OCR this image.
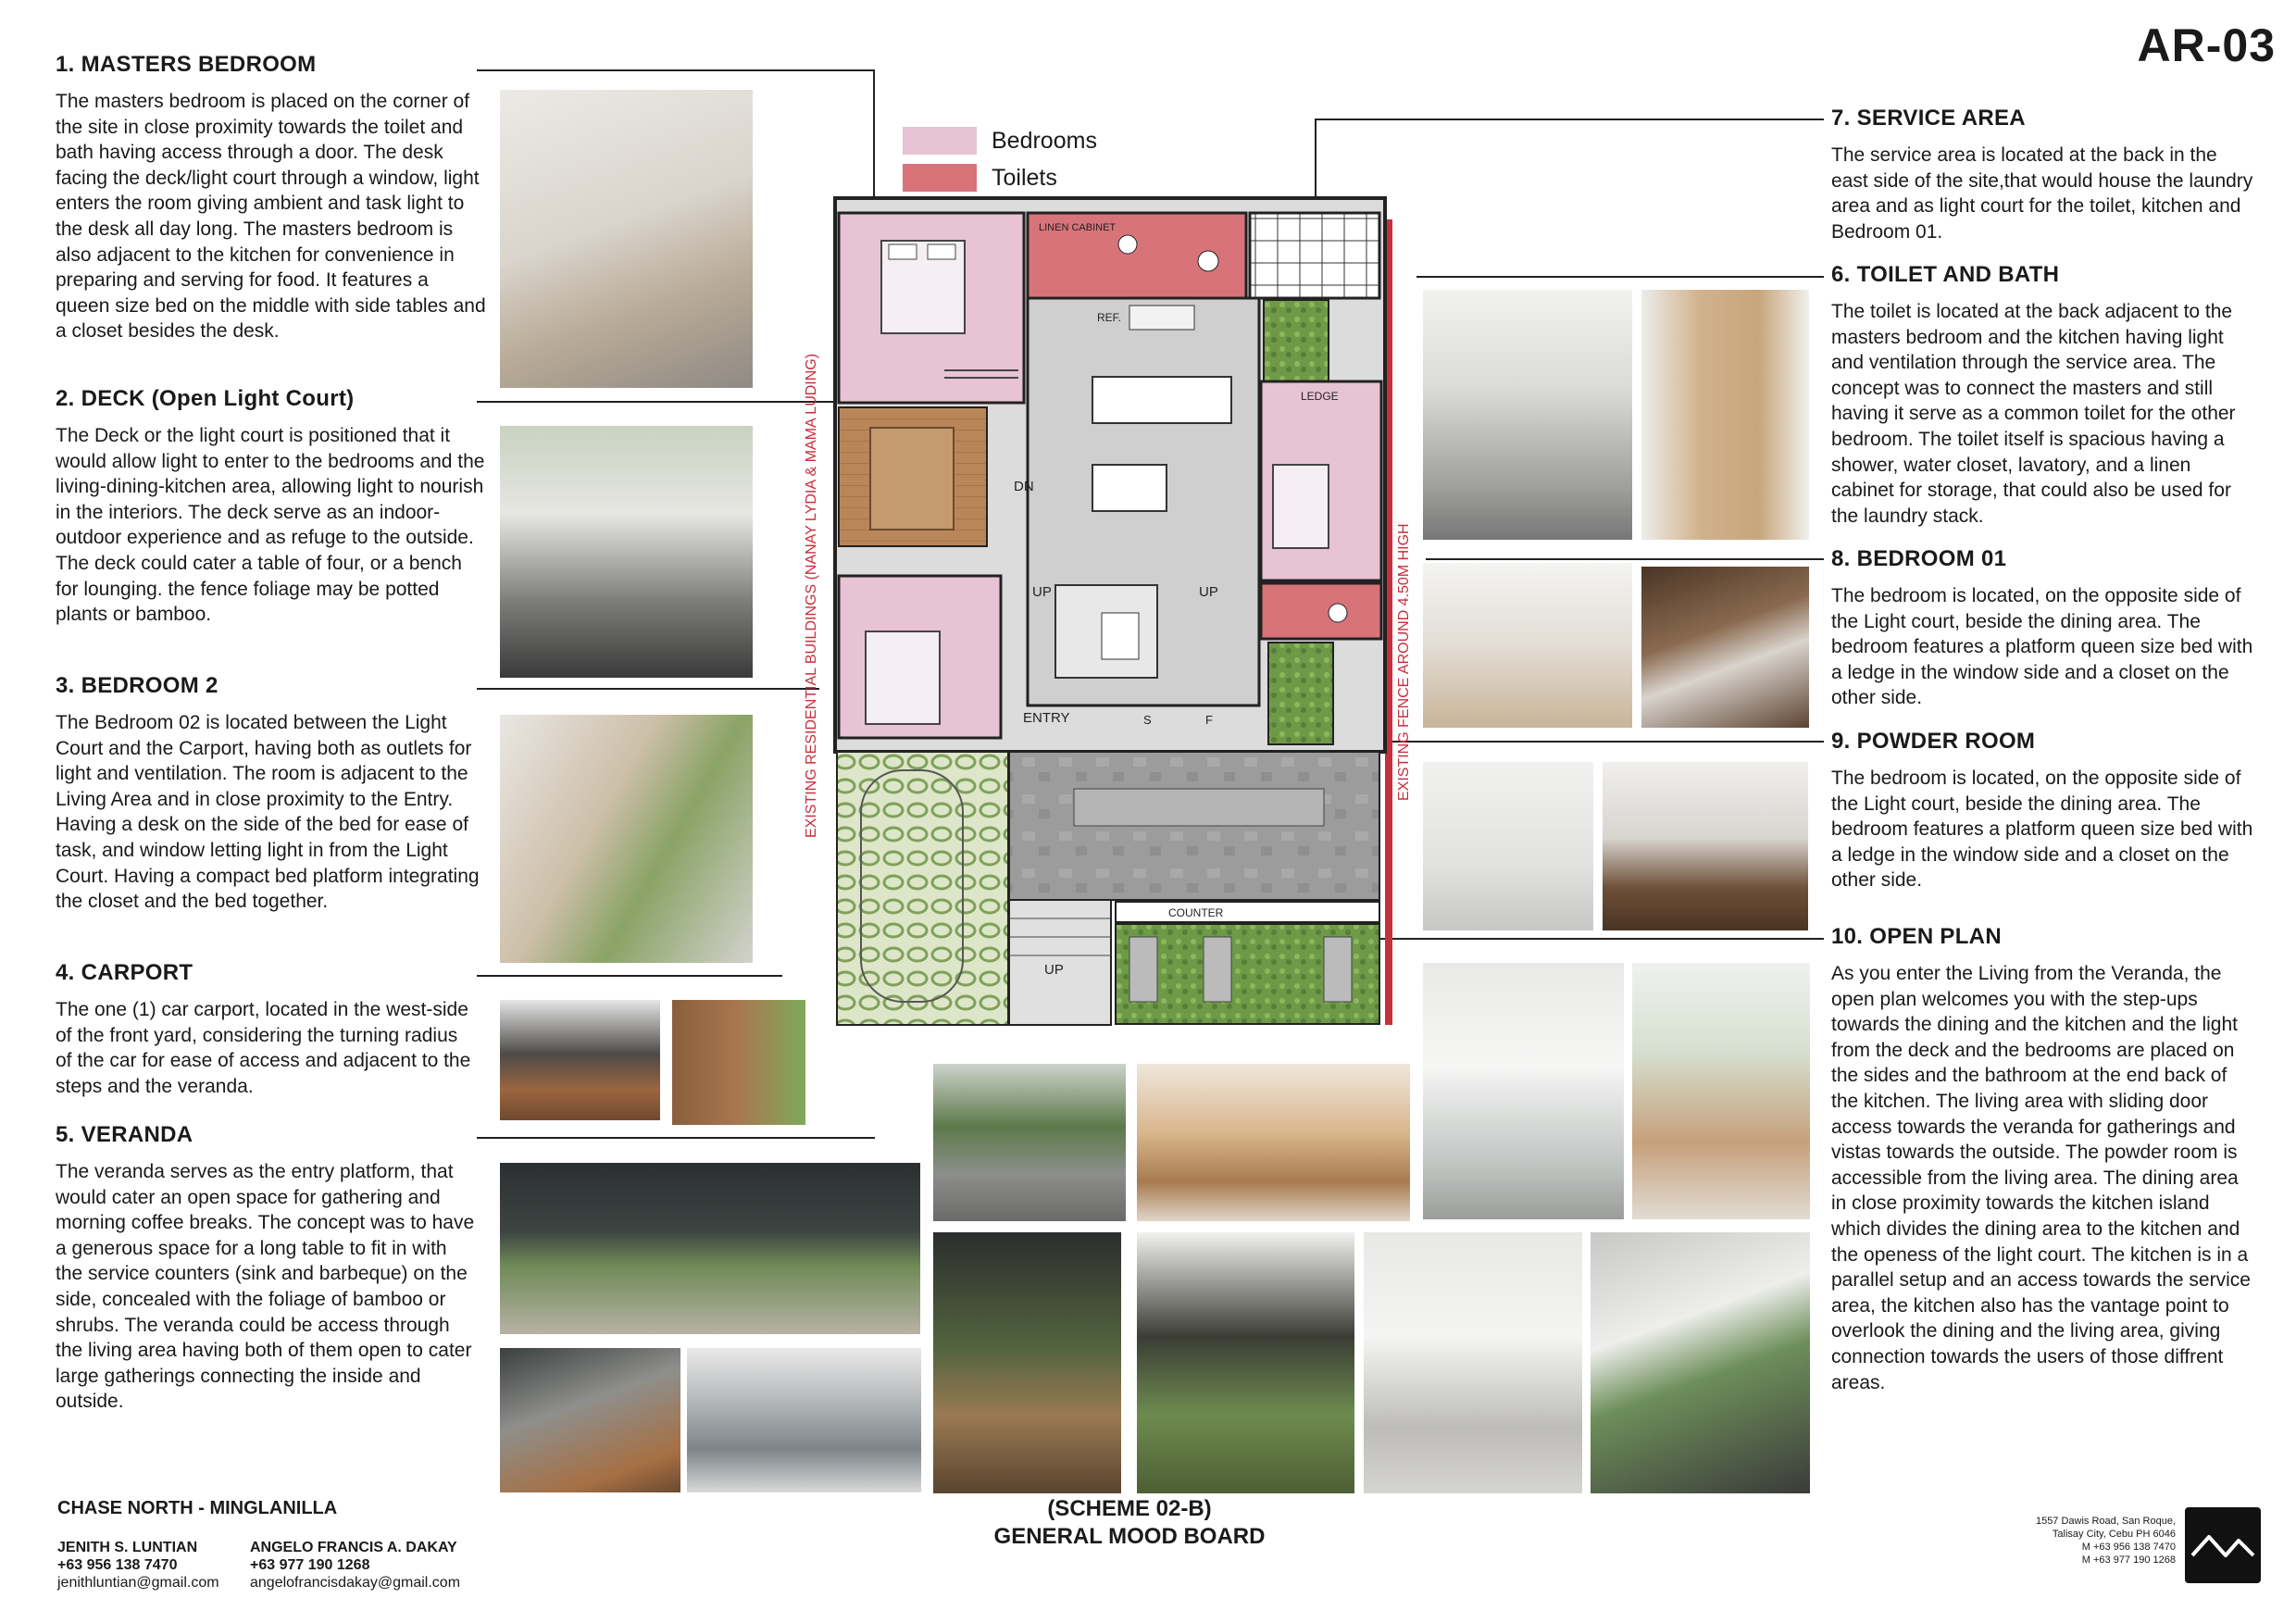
AR-03
1. MASTERS BEDROOM

The masters bedroom is placed on the corner of the site in close proximity towards the toilet and bath having access through a door. The desk facing the deck/light court through a window, light enters the room giving ambient and task light to the desk all day long. The masters bedroom is also adjacent to the kitchen for convenience in preparing and serving for food. It features a queen size bed on the middle with side tables and a closet besides the desk.

2. DECK (Open Light Court)

The Deck or the light court is positioned that it would allow light to enter to the bedrooms and the living-dining-kitchen area, allowing light to nourish in the interiors. The deck serve as an indoor-outdoor experience and as refuge to the outside. The deck could cater a table of four, or a bench for lounging. the fence foliage may be potted plants or bamboo.

3. BEDROOM 2

The Bedroom 02 is located between the Light Court and the Carport, having both as outlets for light and ventilation. The room is adjacent to the Living Area and in close proximity to the Entry. Having a desk on the side of the bed for ease of task, and window letting light in from the Light Court. Having a compact bed platform integrating the closet and the bed together.

4. CARPORT

The one (1) car carport, located in the west-side of the front yard, considering the turning radius of the car for ease of access and adjacent to the steps and the veranda.

5. VERANDA

The veranda serves as the entry platform, that would cater an open space for gathering and morning coffee breaks. The concept was to have a generous space for a long table to fit in with the service counters (sink and barbeque) on the side, concealed with the foliage of bamboo or shrubs. The veranda could be access through the living area having both of them open to cater large gatherings connecting the inside and outside.

7. SERVICE AREA

The service area is located at the back in the east side of the site,that would house the laundry area and as light court for the toilet, kitchen and Bedroom 01.

6. TOILET AND BATH

The toilet is located at the back adjacent to the masters bedroom and the kitchen having light and ventilation through the service area. The concept was to connect the masters and still having it serve as a common toilet for the other bedroom. The toilet itself is spacious having a shower, water closet, lavatory, and a linen cabinet for storage, that could also be used for the laundry stack.

8. BEDROOM 01

The bedroom is located, on the opposite side of the Light court, beside the dining area. The bedroom features a platform queen size bed with a ledge in the window side and a closet on the other side.

9. POWDER ROOM

The bedroom is located, on the opposite side of the Light court, beside the dining area. The bedroom features a platform queen size bed with a ledge in the window side and a closet on the other side.

10. OPEN PLAN

As you enter the Living from the Veranda, the open plan welcomes you with the step-ups towards the dining and the kitchen and the light from the deck and the bedrooms are placed on the sides and the bathroom at the end back of the kitchen. The living area with sliding door access towards the veranda for gatherings and vistas towards the outside. The powder room is accessible from the living area. The dining area in close proximity towards the kitchen island which divides the dining area to the kitchen and the openess of the light court. The kitchen is in a parallel setup and an access towards the service area, the kitchen also has the vantage point to overlook the dining and the living area, giving connection towards the users of those diffrent areas.

Bedrooms
Toilets
EXISTING RESIDENTIAL BUILDINGS (NANAY LYDIA & MAMA LUDING)	EXISTING FENCE AROUND 4.50M HIGH
LINEN CABINET
REF.
DN
UP	UP
ENTRY	S	F
LEDGE
UP
COUNTER
CHASE NORTH - MINGLANILLA
JENITH S. LUNTIAN
+63 956 138 7470
jenithluntian@gmail.com
ANGELO FRANCIS A. DAKAY
+63 977 190 1268
angelofrancisdakay@gmail.com
(SCHEME 02-B)
GENERAL MOOD BOARD
1557 Dawis Road, San Roque,
Talisay City, Cebu PH 6046
M +63 956 138 7470
M +63 977 190 1268
